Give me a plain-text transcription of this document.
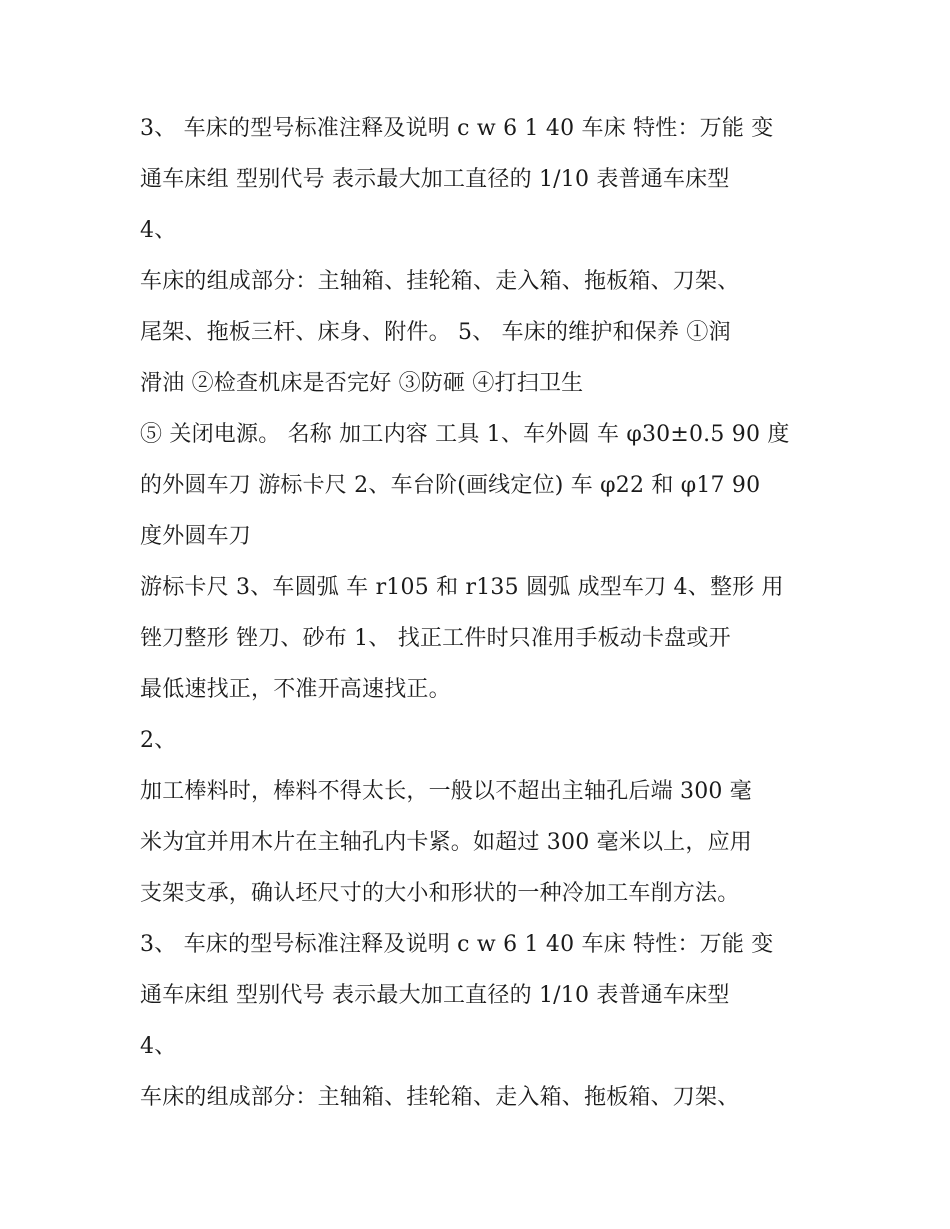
3、 车床的型号标准注释及说明 c w 6 1 40 车床 特性：万能 变
通车床组 型别代号 表示最大加工直径的 1/10 表普通车床型
4、
车床的组成部分：主轴箱、挂轮箱、走入箱、拖板箱、刀架、
尾架、拖板三杆、床身、附件。 5、 车床的维护和保养 ①润
滑油 ②检查机床是否完好 ③防砸 ④打扫卫生
⑤ 关闭电源。 名称 加工内容 工具 1、车外圆 车 φ30±0.5 90 度
的外圆车刀 游标卡尺 2、车台阶(画线定位) 车 φ22 和 φ17 90
度外圆车刀
游标卡尺 3、车圆弧 车 r105 和 r135 圆弧 成型车刀 4、整形 用
锉刀整形 锉刀、砂布 1、 找正工件时只准用手板动卡盘或开
最低速找正，不准开高速找正。
2、
加工棒料时，棒料不得太长，一般以不超出主轴孔后端 300 毫
米为宜并用木片在主轴孔内卡紧。如超过 300 毫米以上，应用
支架支承，确认坯尺寸的大小和形状的一种冷加工车削方法。
3、 车床的型号标准注释及说明 c w 6 1 40 车床 特性：万能 变
通车床组 型别代号 表示最大加工直径的 1/10 表普通车床型
4、
车床的组成部分：主轴箱、挂轮箱、走入箱、拖板箱、刀架、
